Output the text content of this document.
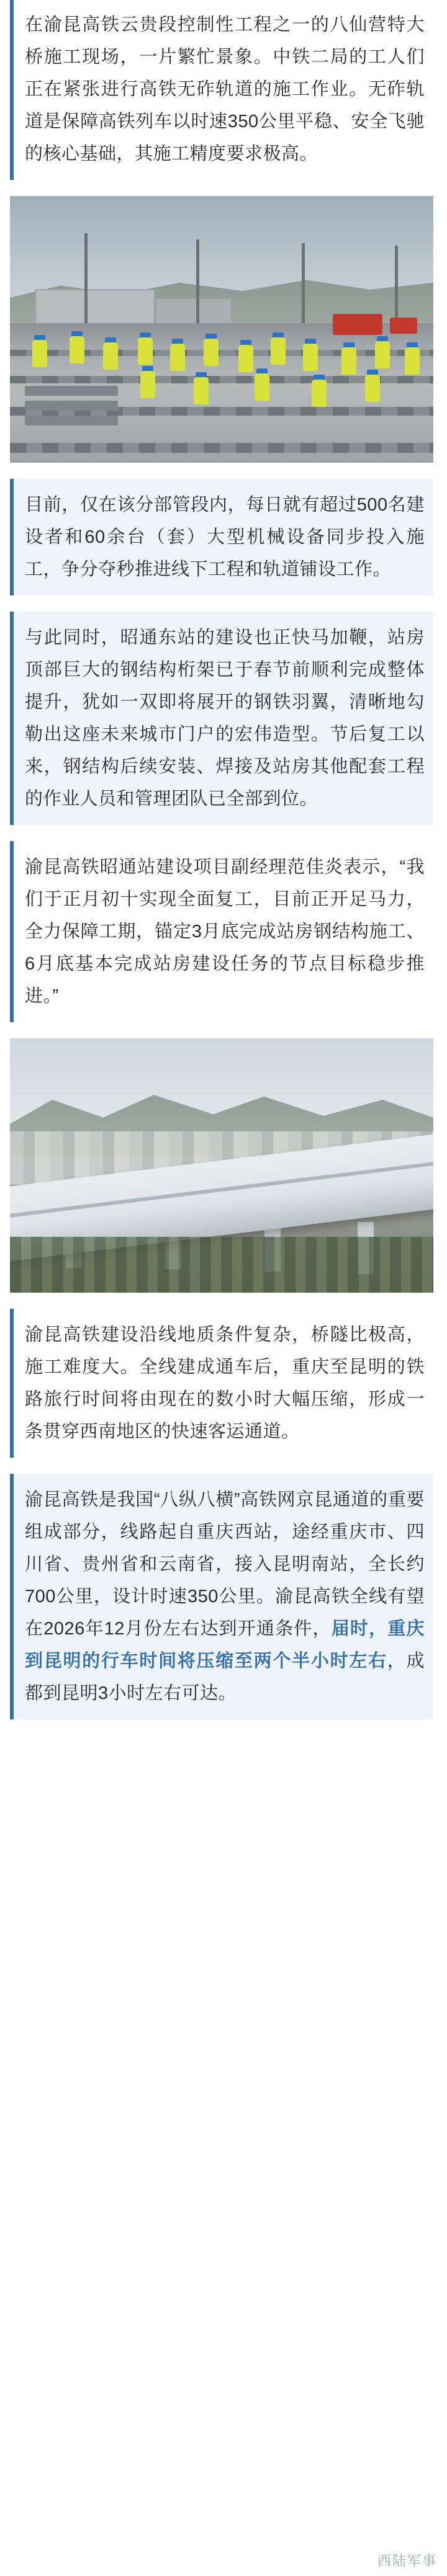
在渝昆高铁云贵段控制性工程之一的八仙营特大桥施工现场，一片繁忙景象。中铁二局的工人们正在紧张进行高铁无砟轨道的施工作业。无砟轨道是保障高铁列车以时速350公里平稳、安全飞驰的核心基础，其施工精度要求极高。

目前，仅在该分部管段内，每日就有超过500名建设者和60余台（套）大型机械设备同步投入施工，争分夺秒推进线下工程和轨道铺设工作。

与此同时，昭通东站的建设也正快马加鞭，站房顶部巨大的钢结构桁架已于春节前顺利完成整体提升，犹如一双即将展开的钢铁羽翼，清晰地勾勒出这座未来城市门户的宏伟造型。节后复工以来，钢结构后续安装、焊接及站房其他配套工程的作业人员和管理团队已全部到位。

渝昆高铁昭通站建设项目副经理范佳炎表示，“我们于正月初十实现全面复工，目前正开足马力，全力保障工期，锚定3月底完成站房钢结构施工、6月底基本完成站房建设任务的节点目标稳步推进。”

渝昆高铁建设沿线地质条件复杂，桥隧比极高，施工难度大。全线建成通车后，重庆至昆明的铁路旅行时间将由现在的数小时大幅压缩，形成一条贯穿西南地区的快速客运通道。

渝昆高铁是我国“八纵八横”高铁网京昆通道的重要组成部分，线路起自重庆西站，途经重庆市、四川省、贵州省和云南省，接入昆明南站，全长约700公里，设计时速350公里。渝昆高铁全线有望在2026年12月份左右达到开通条件，届时，重庆到昆明的行车时间将压缩至两个半小时左右，成都到昆明3小时左右可达。

西陆军事
